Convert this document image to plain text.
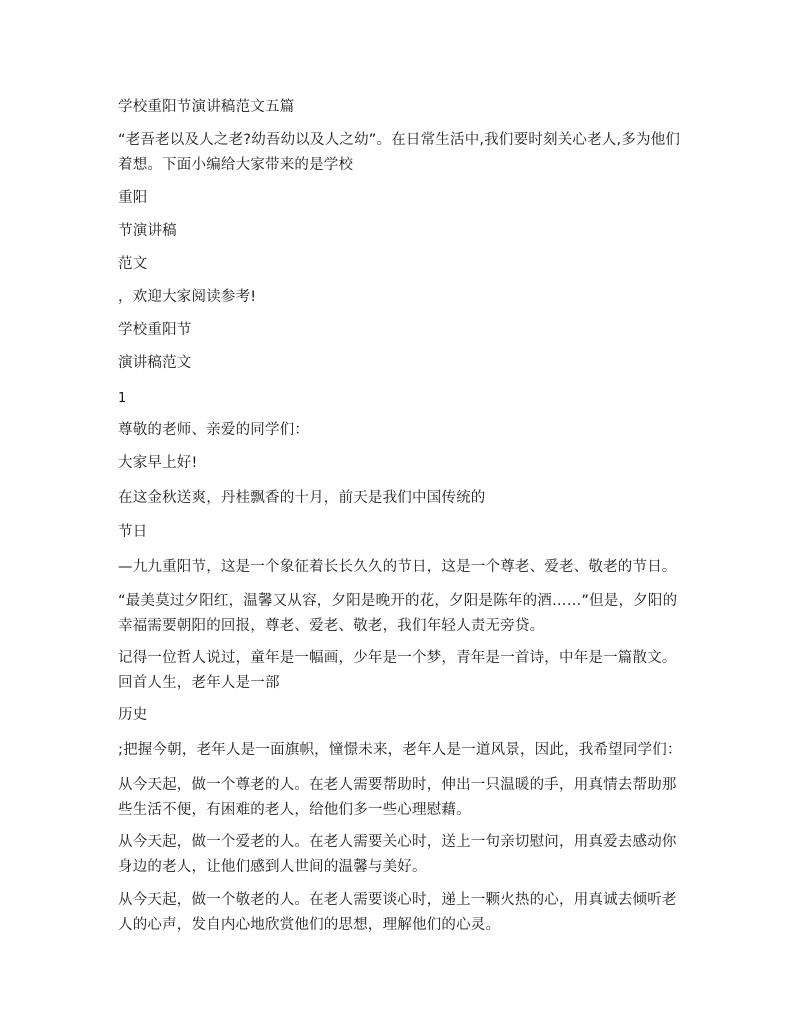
学校重阳节演讲稿范文五篇

“老吾老以及人之老?幼吾幼以及人之幼”。在日常生活中,我们要时刻关心老人,多为他们着想。下面小编给大家带来的是学校

重阳

节演讲稿

范文

，欢迎大家阅读参考!

学校重阳节

演讲稿范文

1

尊敬的老师、亲爱的同学们：

大家早上好!

在这金秋送爽，丹桂飘香的十月，前天是我们中国传统的

节日

—九九重阳节，这是一个象征着长长久久的节日，这是一个尊老、爱老、敬老的节日。

“最美莫过夕阳红，温馨又从容，夕阳是晚开的花，夕阳是陈年的酒……”但是，夕阳的幸福需要朝阳的回报，尊老、爱老、敬老，我们年轻人责无旁贷。

记得一位哲人说过，童年是一幅画，少年是一个梦，青年是一首诗，中年是一篇散文。回首人生，老年人是一部

历史

;把握今朝，老年人是一面旗帜，憧憬未来，老年人是一道风景，因此，我希望同学们：

从今天起，做一个尊老的人。在老人需要帮助时，伸出一只温暖的手，用真情去帮助那些生活不便，有困难的老人，给他们多一些心理慰藉。

从今天起，做一个爱老的人。在老人需要关心时，送上一句亲切慰问，用真爱去感动你身边的老人，让他们感到人世间的温馨与美好。

从今天起，做一个敬老的人。在老人需要谈心时，递上一颗火热的心，用真诚去倾听老人的心声，发自内心地欣赏他们的思想，理解他们的心灵。
